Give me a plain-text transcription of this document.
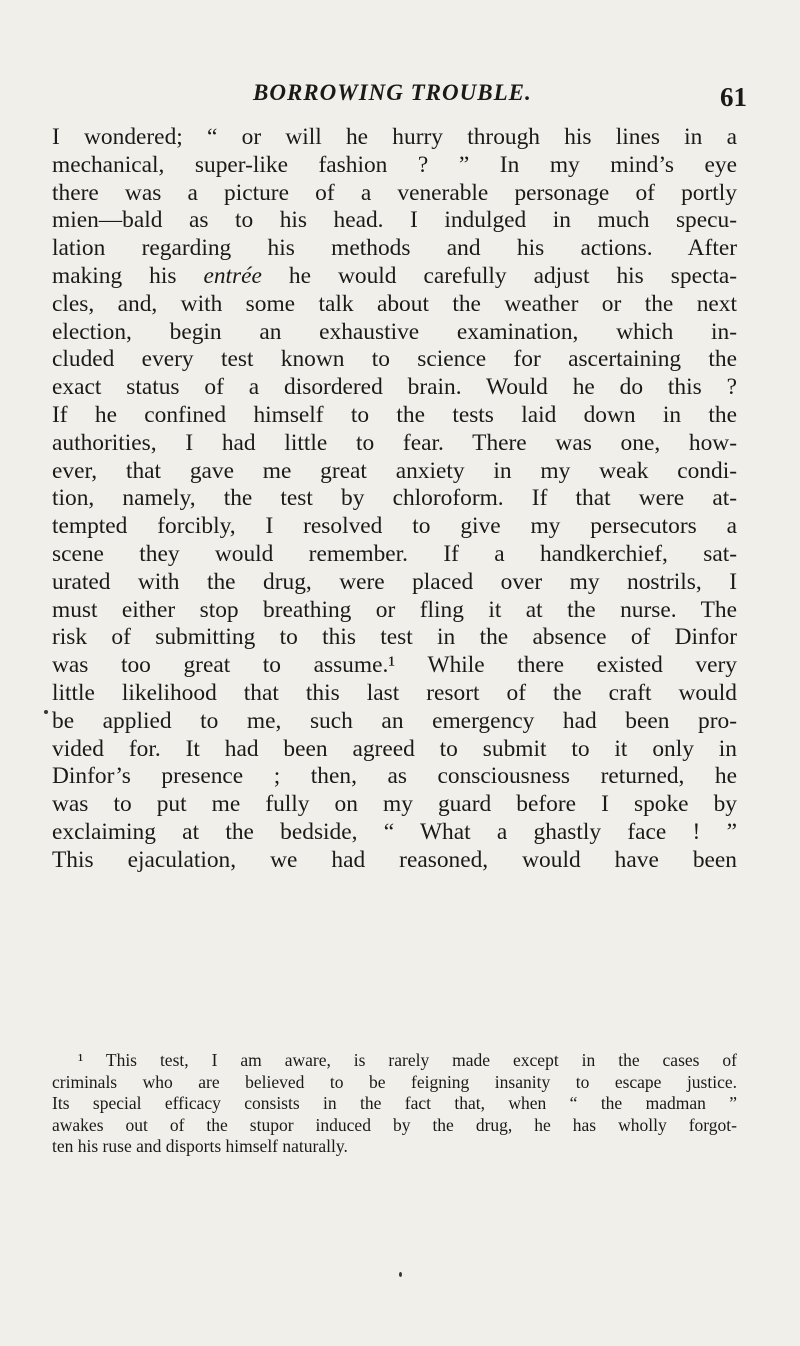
BORROWING TROUBLE.	61
I wondered; “ or will he hurry through his lines in a
mechanical, super-like fashion ? ” In my mind’s eye
there was a picture of a venerable personage of portly
mien—bald as to his head. I indulged in much specu-
lation regarding his methods and his actions. After
making his entrée he would carefully adjust his specta-
cles, and, with some talk about the weather or the next
election, begin an exhaustive examination, which in-
cluded every test known to science for ascertaining the
exact status of a disordered brain. Would he do this ?
If he confined himself to the tests laid down in the
authorities, I had little to fear. There was one, how-
ever, that gave me great anxiety in my weak condi-
tion, namely, the test by chloroform. If that were at-
tempted forcibly, I resolved to give my persecutors a
scene they would remember. If a handkerchief, sat-
urated with the drug, were placed over my nostrils, I
must either stop breathing or fling it at the nurse. The
risk of submitting to this test in the absence of Dinfor
was too great to assume.¹ While there existed very
little likelihood that this last resort of the craft would
be applied to me, such an emergency had been pro-
vided for. It had been agreed to submit to it only in
Dinfor’s presence ; then, as consciousness returned, he
was to put me fully on my guard before I spoke by
exclaiming at the bedside, “ What a ghastly face ! ”
This ejaculation, we had reasoned, would have been
¹ This test, I am aware, is rarely made except in the cases of
criminals who are believed to be feigning insanity to escape justice.
Its special efficacy consists in the fact that, when “ the madman ”
awakes out of the stupor induced by the drug, he has wholly forgot-
ten his ruse and disports himself naturally.
